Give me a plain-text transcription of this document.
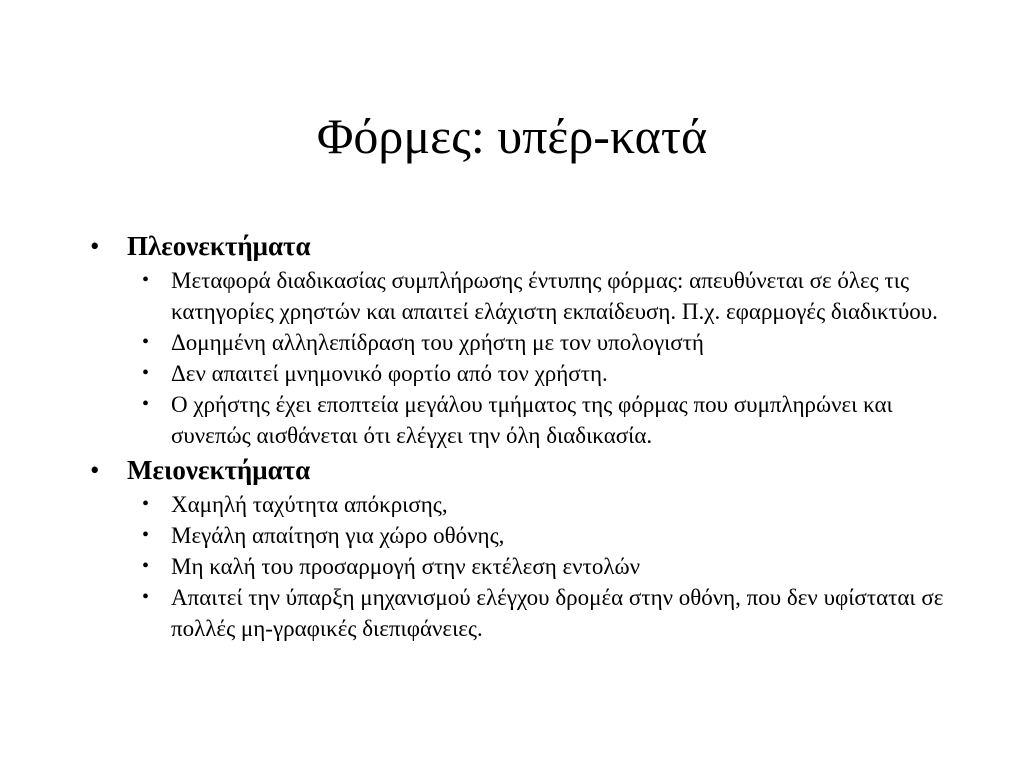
Φόρμες: υπέρ-κατά
• Πλεονεκτήματα
• Μεταφορά διαδικασίας συμπλήρωσης έντυπης φόρμας: απευθύνεται σε όλες τις κατηγορίες χρηστών και απαιτεί ελάχιστη εκπαίδευση. Π.χ. εφαρμογές διαδικτύου.
• Δομημένη αλληλεπίδραση του χρήστη με τον υπολογιστή
• Δεν απαιτεί μνημονικό φορτίο από τον χρήστη.
• Ο χρήστης έχει εποπτεία μεγάλου τμήματος της φόρμας που συμπληρώνει και συνεπώς αισθάνεται ότι ελέγχει την όλη διαδικασία.
• Μειονεκτήματα
• Χαμηλή ταχύτητα απόκρισης,
• Μεγάλη απαίτηση για χώρο οθόνης,
• Μη καλή του προσαρμογή στην εκτέλεση εντολών
• Απαιτεί την ύπαρξη μηχανισμού ελέγχου δρομέα στην οθόνη, που δεν υφίσταται σε πολλές μη-γραφικές διεπιφάνειες.
